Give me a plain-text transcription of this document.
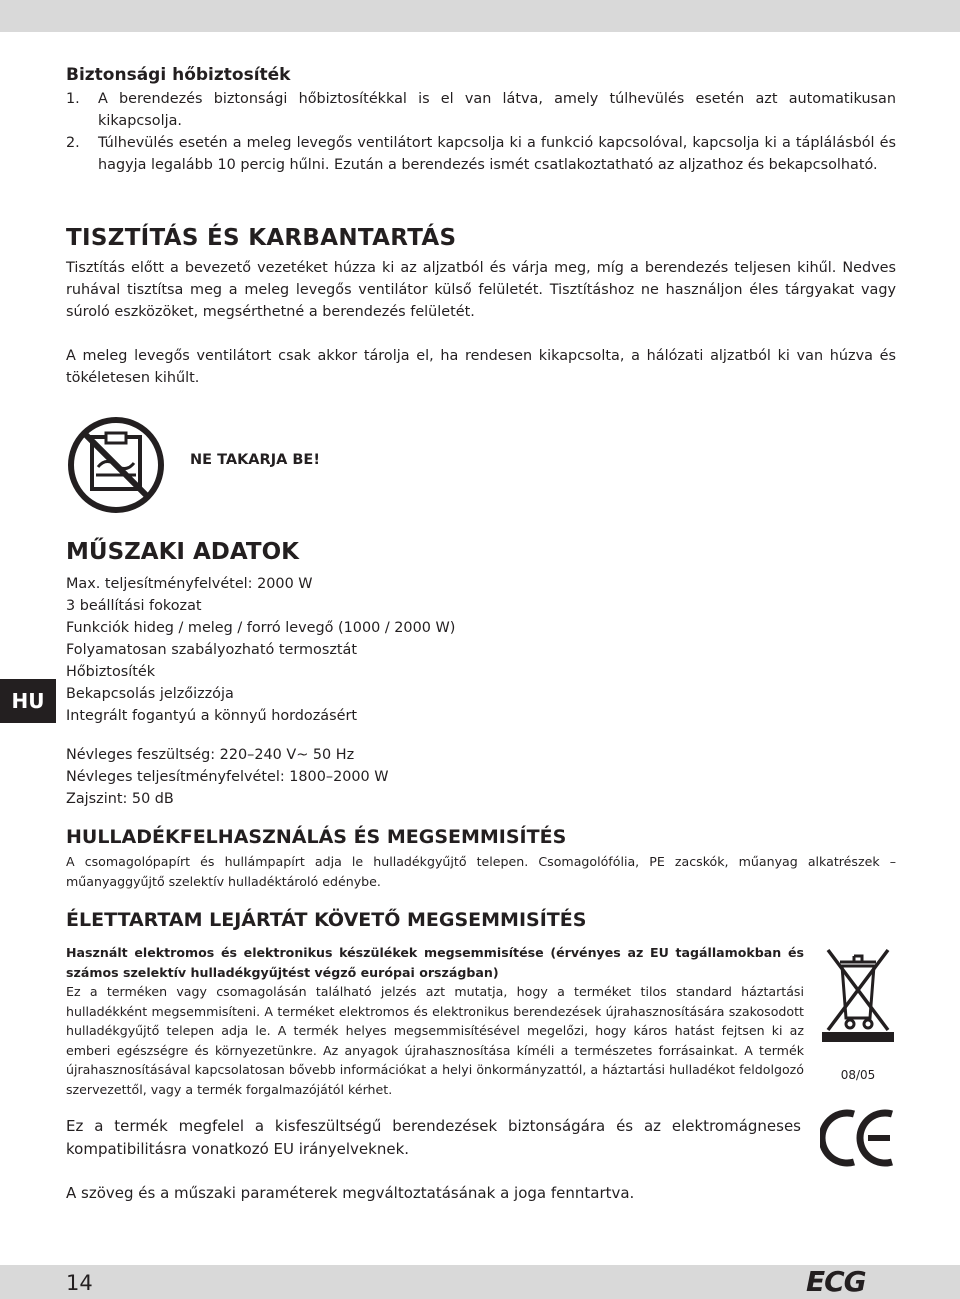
Biztonsági hőbiztosíték
1. A berendezés biztonsági hőbiztosítékkal is el van látva, amely túlhevülés esetén azt automatikusan kikapcsolja.
2. Túlhevülés esetén a meleg levegős ventilátort kapcsolja ki a funkció kapcsolóval, kapcsolja ki a táplálásból és hagyja legalább 10 percig hűlni. Ezután a berendezés ismét csatlakoztatható az aljzathoz és bekapcsolható.
TISZTÍTÁS ÉS KARBANTARTÁS

Tisztítás előtt a bevezető vezetéket húzza ki az aljzatból és várja meg, míg a berendezés teljesen kihűl. Nedves ruhával tisztítsa meg a meleg levegős ventilátor külső felületét. Tisztításhoz ne használjon éles tárgyakat vagy súroló eszközöket, megsérthetné a berendezés felületét.

A meleg levegős ventilátort csak akkor tárolja el, ha rendesen kikapcsolta, a hálózati aljzatból ki van húzva és tökéletesen kihűlt.

NE TAKARJA BE!
MŰSZAKI ADATOK

Max. teljesítményfelvétel: 2000 W

3 beállítási fokozat

Funkciók hideg / meleg / forró levegő (1000 / 2000 W)

Folyamatosan szabályozható termosztát

Hőbiztosíték

Bekapcsolás jelzőizzója

Integrált fogantyú a könnyű hordozásért

Névleges feszültség: 220–240 V~ 50 Hz

Névleges teljesítményfelvétel: 1800–2000 W

Zajszint: 50 dB

HU
HULLADÉKFELHASZNÁLÁS ÉS MEGSEMMISÍTÉS

A csomagolópapírt és hullámpapírt adja le hulladékgyűjtő telepen. Csomagolófólia, PE zacskók, műanyag alkatrészek – műanyaggyűjtő szelektív hulladéktároló edénybe.

ÉLETTARTAM LEJÁRTÁT KÖVETŐ MEGSEMMISÍTÉS

Használt elektromos és elektronikus készülékek megsemmisítése (érvényes az EU tagállamokban és számos szelektív hulladékgyűjtést végző európai országban)

Ez a terméken vagy csomagolásán található jelzés azt mutatja, hogy a terméket tilos standard háztartási hulladékként megsemmisíteni. A terméket elektromos és elektronikus berendezések újrahasznosítására szakosodott hulladékgyűjtő telepen adja le. A termék helyes megsemmisítésével megelőzi, hogy káros hatást fejtsen ki az emberi egészségre és környezetünkre. Az anyagok újrahasznosítása kíméli a természetes forrásainkat. A termék újrahasznosításával kapcsolatosan bővebb információkat a helyi önkormányzattól, a háztartási hulladékot feldolgozó szervezettől, vagy a termék forgalmazójától kérhet.

08/05

Ez a termék megfelel a kisfeszültségű berendezések biztonságára és az elektromágneses kompatibilitásra vonatkozó EU irányelveknek.

A szöveg és a műszaki paraméterek megváltoztatásának a joga fenntartva.

14	ECG
